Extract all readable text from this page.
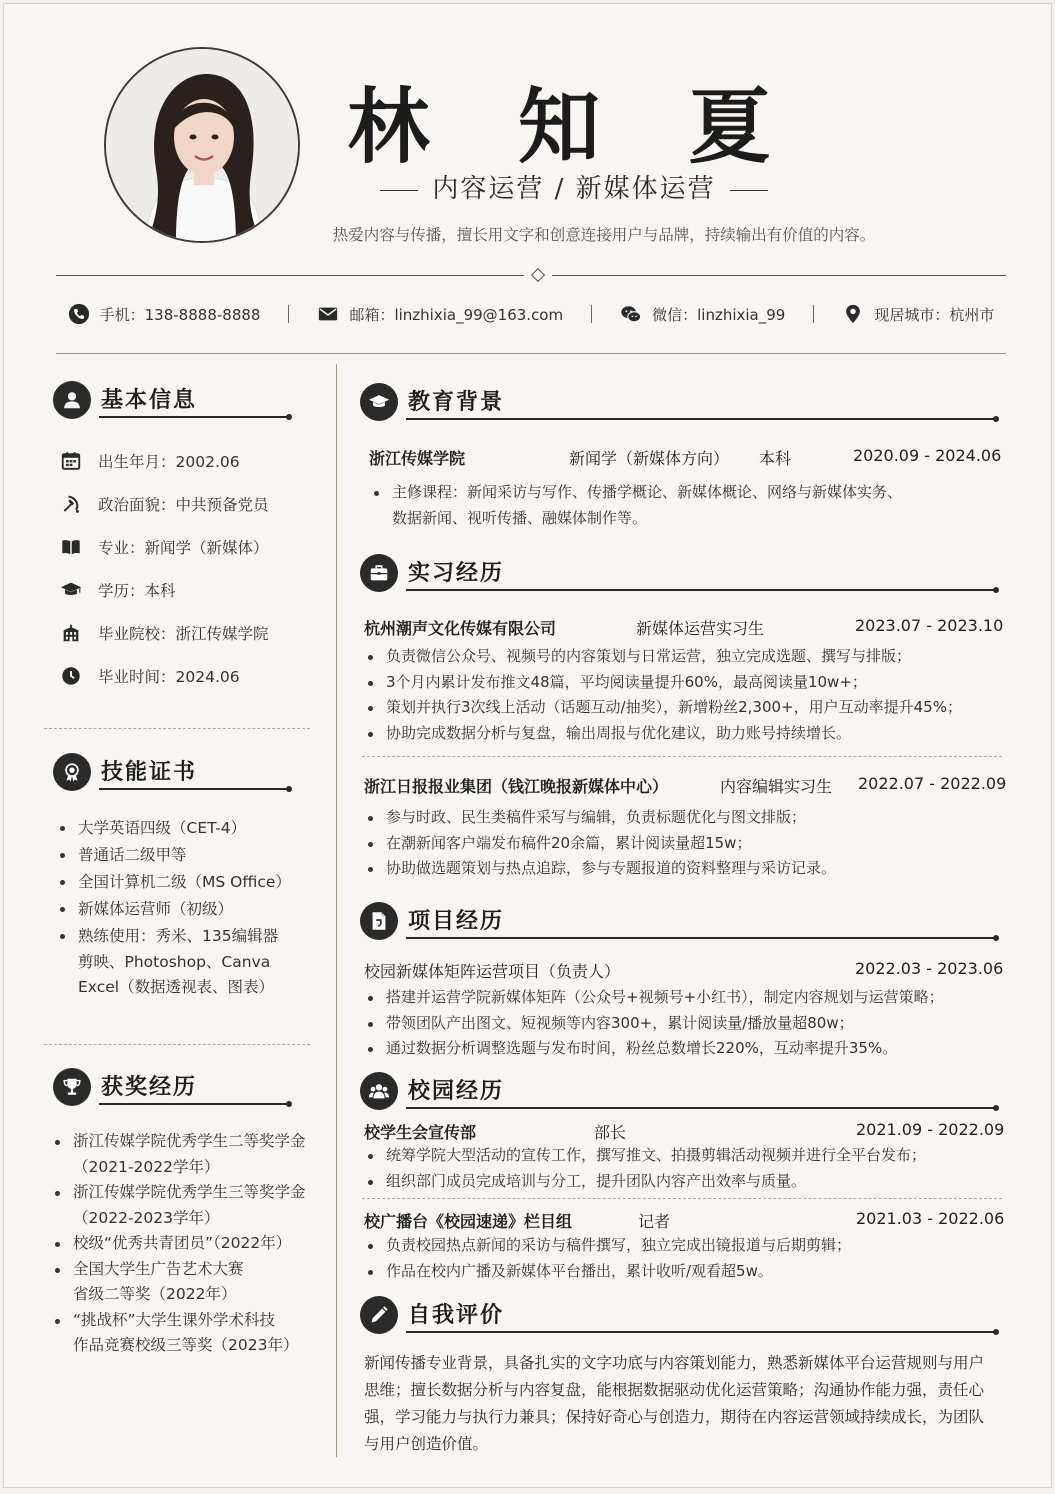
林 知 夏
内容运营 / 新媒体运营
热爱内容与传播，擅长用文字和创意连接用户与品牌，持续输出有价值的内容。
手机：138-8888-8888	邮箱：linzhixia_99@163.com	微信：linzhixia_99	现居城市：杭州市
基本信息
出生年月：2002.06
政治面貌：中共预备党员
专业：新闻学（新媒体）
学历：本科
毕业院校：浙江传媒学院
毕业时间：2024.06
技能证书
大学英语四级（CET-4）
普通话二级甲等
全国计算机二级（MS Office）
新媒体运营师（初级）
熟练使用：秀米、135编辑器
剪映、Photoshop、Canva
Excel（数据透视表、图表）
获奖经历
浙江传媒学院优秀学生二等奖学金
（2021-2022学年）
浙江传媒学院优秀学生三等奖学金
（2022-2023学年）
校级“优秀共青团员”（2022年）
全国大学生广告艺术大赛
省级二等奖（2022年）
“挑战杯”大学生课外学术科技
作品竞赛校级三等奖（2023年）
教育背景
浙江传媒学院	新闻学（新媒体方向） 本科	2020.09 - 2024.06
主修课程：新闻采访与写作、传播学概论、新媒体概论、网络与新媒体实务、
数据新闻、视听传播、融媒体制作等。
实习经历
杭州潮声文化传媒有限公司	新媒体运营实习生	2023.07 - 2023.10
负责微信公众号、视频号的内容策划与日常运营，独立完成选题、撰写与排版；
3个月内累计发布推文48篇，平均阅读量提升60%，最高阅读量10w+；
策划并执行3次线上活动（话题互动/抽奖），新增粉丝2,300+，用户互动率提升45%；
协助完成数据分析与复盘，输出周报与优化建议，助力账号持续增长。
浙江日报报业集团（钱江晚报新媒体中心）	内容编辑实习生 2022.07 - 2022.09
参与时政、民生类稿件采写与编辑，负责标题优化与图文排版；
在潮新闻客户端发布稿件20余篇，累计阅读量超15w；
协助做选题策划与热点追踪，参与专题报道的资料整理与采访记录。
项目经历
校园新媒体矩阵运营项目（负责人）	2022.03 - 2023.06
搭建并运营学院新媒体矩阵（公众号+视频号+小红书），制定内容规划与运营策略；
带领团队产出图文、短视频等内容300+，累计阅读量/播放量超80w；
通过数据分析调整选题与发布时间，粉丝总数增长220%，互动率提升35%。
校园经历
校学生会宣传部	部长	2021.09 - 2022.09
统筹学院大型活动的宣传工作，撰写推文、拍摄剪辑活动视频并进行全平台发布；
组织部门成员完成培训与分工，提升团队内容产出效率与质量。
校广播台《校园速递》栏目组	记者	2021.03 - 2022.06
负责校园热点新闻的采访与稿件撰写，独立完成出镜报道与后期剪辑；
作品在校内广播及新媒体平台播出，累计收听/观看超5w。
自我评价
新闻传播专业背景，具备扎实的文字功底与内容策划能力，熟悉新媒体平台运营规则与用户思维；擅长数据分析与内容复盘，能根据数据驱动优化运营策略；沟通协作能力强，责任心强，学习能力与执行力兼具；保持好奇心与创造力，期待在内容运营领域持续成长，为团队与用户创造价值。
